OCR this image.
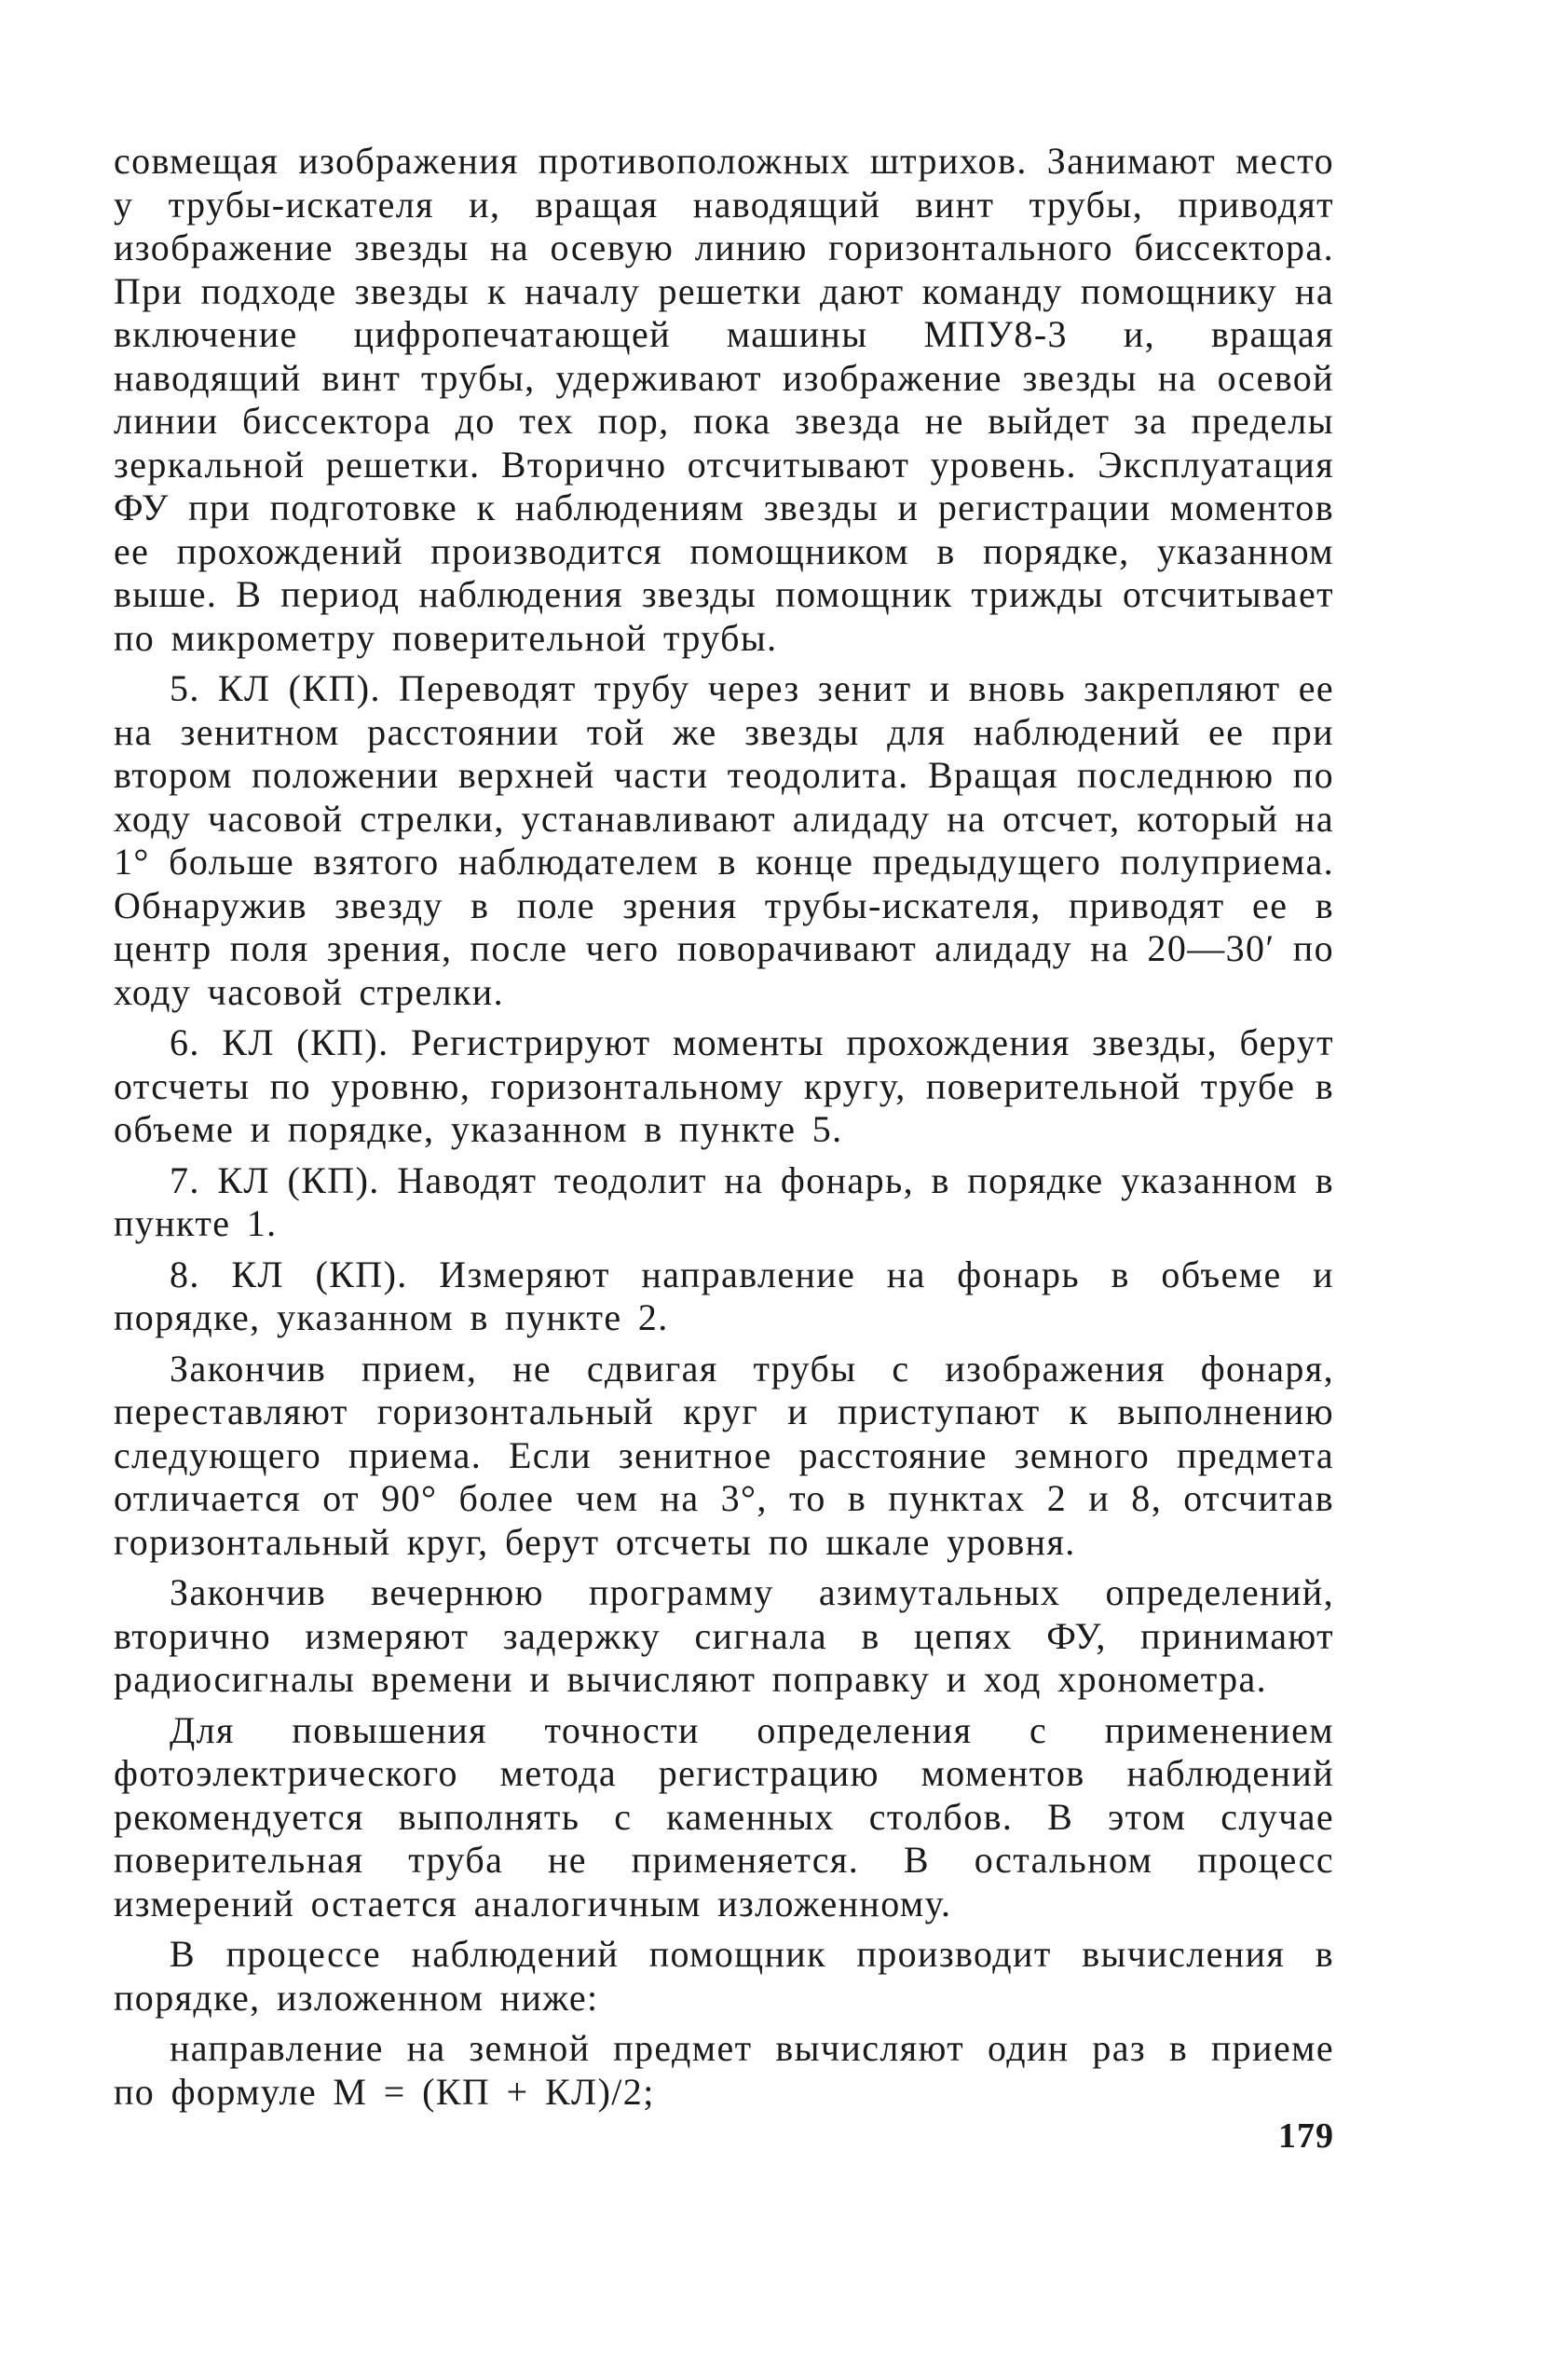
совмещая изображения противоположных штрихов. Занимают место у трубы-искателя и, вращая наводящий винт трубы, приводят изображение звезды на осевую линию горизонтального биссектора. При подходе звезды к началу решетки дают команду помощнику на включение цифропечатающей машины МПУ8-3 и, вращая наводящий винт трубы, удерживают изображение звезды на осевой линии биссектора до тех пор, пока звезда не выйдет за пределы зеркальной решетки. Вторично отсчитывают уровень. Эксплуатация ФУ при подготовке к наблюдениям звезды и регистрации моментов ее прохождений производится помощником в порядке, указанном выше. В период наблюдения звезды помощник трижды отсчитывает по микрометру поверительной трубы.

5. КЛ (КП). Переводят трубу через зенит и вновь закрепляют ее на зенитном расстоянии той же звезды для наблюдений ее при втором положении верхней части теодолита. Вращая последнюю по ходу часовой стрелки, устанавливают алидаду на отсчет, который на 1° больше взятого наблюдателем в конце предыдущего полуприема. Обнаружив звезду в поле зрения трубы-искателя, приводят ее в центр поля зрения, после чего поворачивают алидаду на 20—30′ по ходу часовой стрелки.

6. КЛ (КП). Регистрируют моменты прохождения звезды, берут отсчеты по уровню, горизонтальному кругу, поверительной трубе в объеме и порядке, указанном в пункте 5.

7. КЛ (КП). Наводят теодолит на фонарь, в порядке указанном в пункте 1.

8. КЛ (КП). Измеряют направление на фонарь в объеме и порядке, указанном в пункте 2.

Закончив прием, не сдвигая трубы с изображения фонаря, переставляют горизонтальный круг и приступают к выполнению следующего приема. Если зенитное расстояние земного предмета отличается от 90° более чем на 3°, то в пунктах 2 и 8, отсчитав горизонтальный круг, берут отсчеты по шкале уровня.

Закончив вечернюю программу азимутальных определений, вторично измеряют задержку сигнала в цепях ФУ, принимают радиосигналы времени и вычисляют поправку и ход хронометра.

Для повышения точности определения с применением фотоэлектрического метода регистрацию моментов наблюдений рекомендуется выполнять с каменных столбов. В этом случае поверительная труба не применяется. В остальном процесс измерений остается аналогичным изложенному.

В процессе наблюдений помощник производит вычисления в порядке, изложенном ниже:

направление на земной предмет вычисляют один раз в приеме по формуле M = (КП + КЛ)/2;

179
